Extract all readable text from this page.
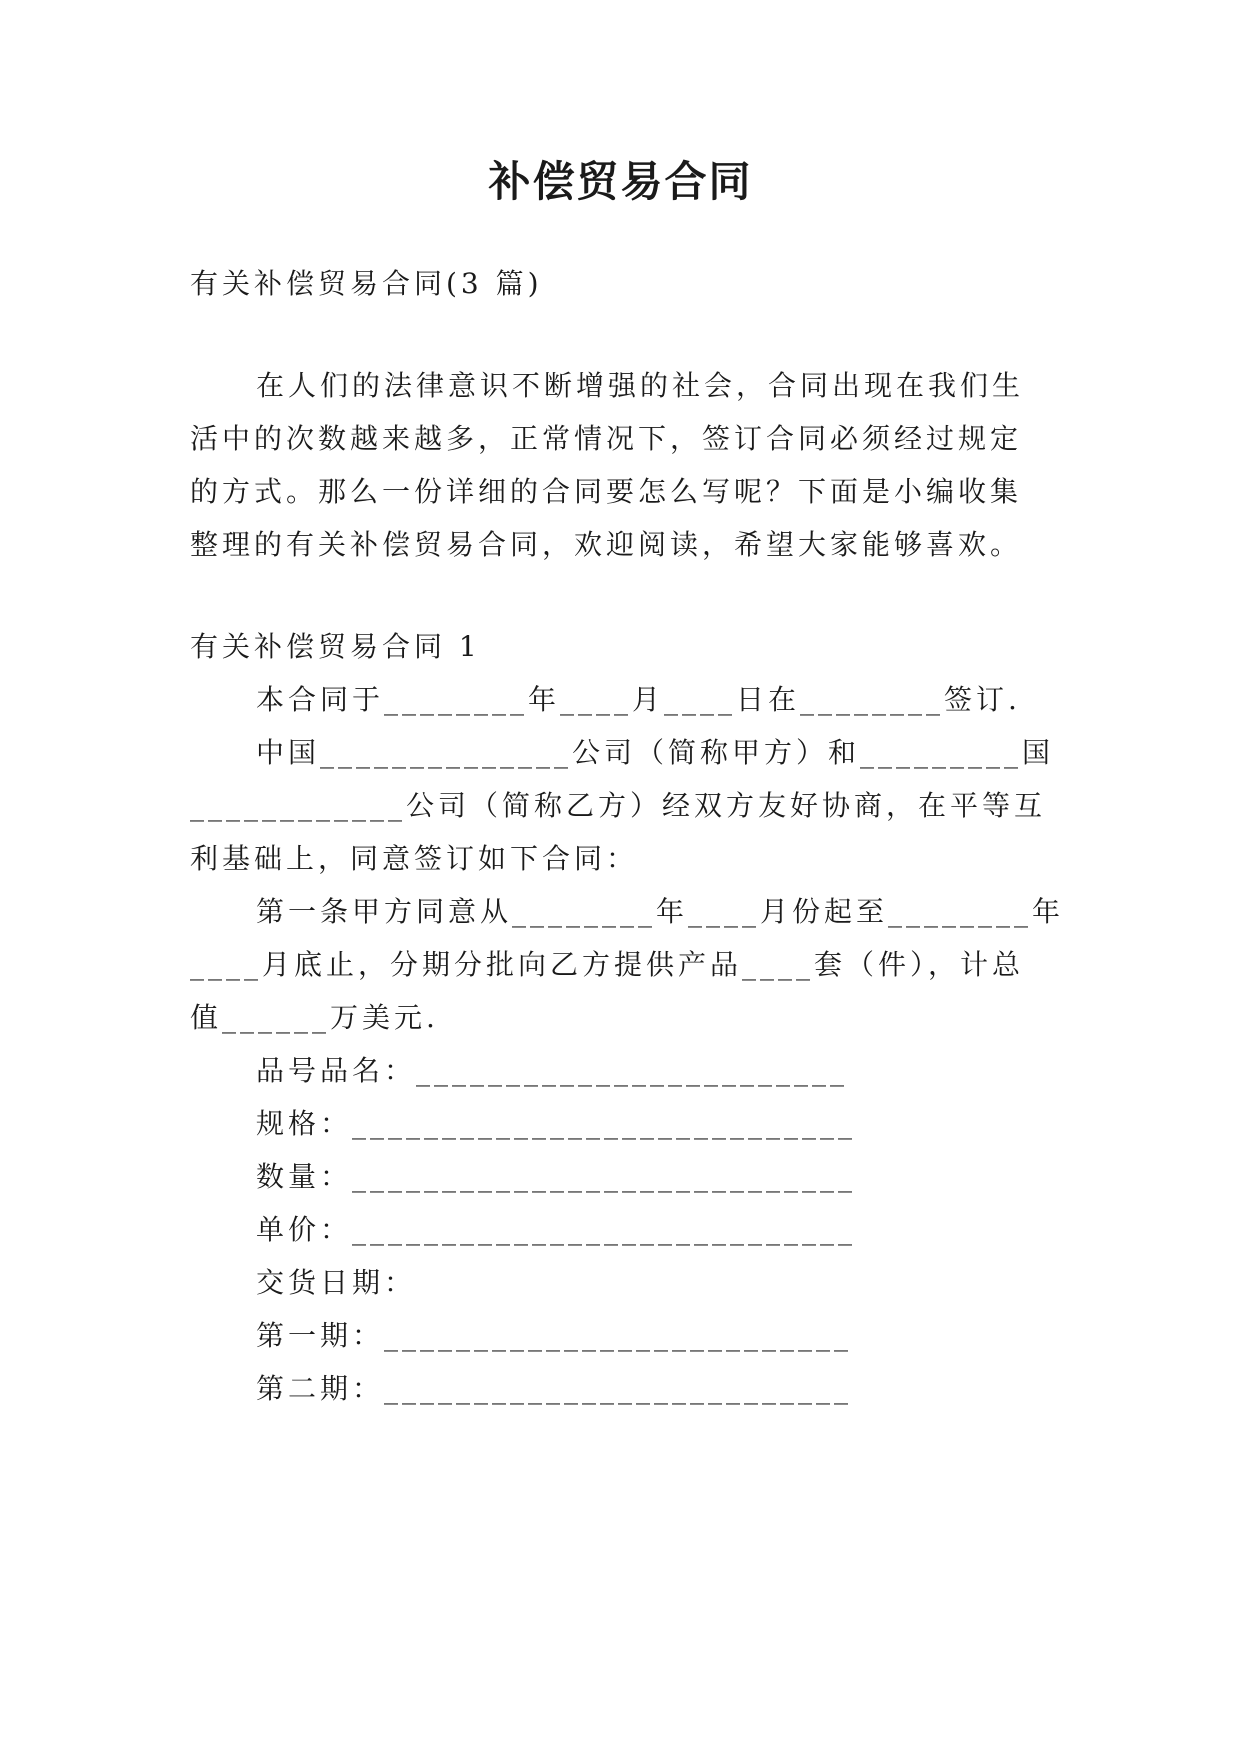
补偿贸易合同
有关补偿贸易合同(3 篇)
在人们的法律意识不断增强的社会，合同出现在我们生
活中的次数越来越多，正常情况下，签订合同必须经过规定
的方式。那么一份详细的合同要怎么写呢？下面是小编收集
整理的有关补偿贸易合同，欢迎阅读，希望大家能够喜欢。
有关补偿贸易合同 1
本合同于________年____月____日在________签订.
中国______________公司（简称甲方）和_________国
____________公司（简称乙方）经双方友好协商，在平等互
利基础上，同意签订如下合同：
第一条甲方同意从________年____月份起至________年
____月底止，分期分批向乙方提供产品____套（件），计总
值______万美元.
品号品名：________________________
规格：____________________________
数量：____________________________
单价：____________________________
交货日期：
第一期：__________________________
第二期：__________________________
